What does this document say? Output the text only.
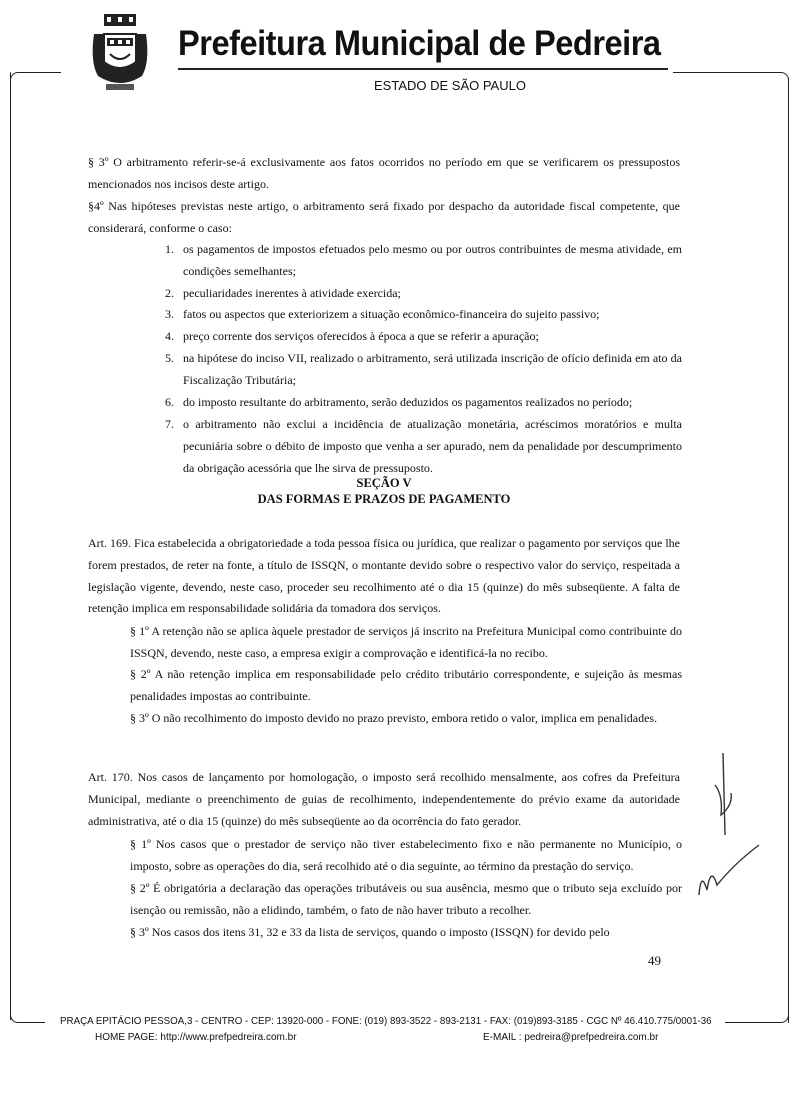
Prefeitura Municipal de Pedreira
ESTADO DE SÃO PAULO
§ 3º O arbitramento referir-se-á exclusivamente aos fatos ocorridos no período em que se verificarem os pressupostos mencionados nos incisos deste artigo.
§4º Nas hipóteses previstas neste artigo, o arbitramento será fixado por despacho da autoridade fiscal competente, que considerará, conforme o caso:
1. os pagamentos de impostos efetuados pelo mesmo ou por outros contribuintes de mesma atividade, em condições semelhantes;
2. peculiaridades inerentes à atividade exercida;
3. fatos ou aspectos que exteriorizem a situação econômico-financeira do sujeito passivo;
4. preço corrente dos serviços oferecidos à época a que se referir a apuração;
5. na hipótese do inciso VII, realizado o arbitramento, será utilizada inscrição de ofício definida em ato da Fiscalização Tributária;
6. do imposto resultante do arbitramento, serão deduzidos os pagamentos realizados no período;
7. o arbitramento não exclui a incidência de atualização monetária, acréscimos moratórios e multa pecuniária sobre o débito de imposto que venha a ser apurado, nem da penalidade por descumprimento da obrigação acessória que lhe sirva de pressuposto.
SEÇÃO V
DAS FORMAS E PRAZOS DE PAGAMENTO
Art. 169. Fica estabelecida a obrigatoriedade a toda pessoa física ou jurídica, que realizar o pagamento por serviços que lhe forem prestados, de reter na fonte, a título de ISSQN, o montante devido sobre o respectivo valor do serviço, respeitada a legislação vigente, devendo, neste caso, proceder seu recolhimento até o dia 15 (quinze) do mês subseqüente. A falta de retenção implica em responsabilidade solidária da tomadora dos serviços.
§ 1º A retenção não se aplica àquele prestador de serviços já inscrito na Prefeitura Municipal como contribuinte do ISSQN, devendo, neste caso, a empresa exigir a comprovação e identificá-la no recibo.
§ 2º A não retenção implica em responsabilidade pelo crédito tributário correspondente, e sujeição às mesmas penalidades impostas ao contribuinte.
§ 3º O não recolhimento do imposto devido no prazo previsto, embora retido o valor, implica em penalidades.
Art. 170. Nos casos de lançamento por homologação, o imposto será recolhido mensalmente, aos cofres da Prefeitura Municipal, mediante o preenchimento de guias de recolhimento, independentemente do prévio exame da autoridade administrativa, até o dia 15 (quinze) do mês subseqüente ao da ocorrência do fato gerador.
§ 1º Nos casos que o prestador de serviço não tiver estabelecimento fixo e não permanente no Município, o imposto, sobre as operações do dia, será recolhido até o dia seguinte, ao término da prestação do serviço.
§ 2º É obrigatória a declaração das operações tributáveis ou sua ausência, mesmo que o tributo seja excluído por isenção ou remissão, não a elidindo, também, o fato de não haver tributo a recolher.
§ 3º Nos casos dos itens 31, 32 e 33 da lista de serviços, quando o imposto (ISSQN) for devido pelo
49
PRAÇA EPITÁCIO PESSOA,3 - CENTRO - CEP: 13920-000 - FONE: (019) 893-3522 - 893-2131 - FAX: (019)893-3185 - CGC Nº 46.410.775/0001-36
HOME PAGE: http://www.prefpedreira.com.br	E-MAIL : pedreira@prefpedreira.com.br
